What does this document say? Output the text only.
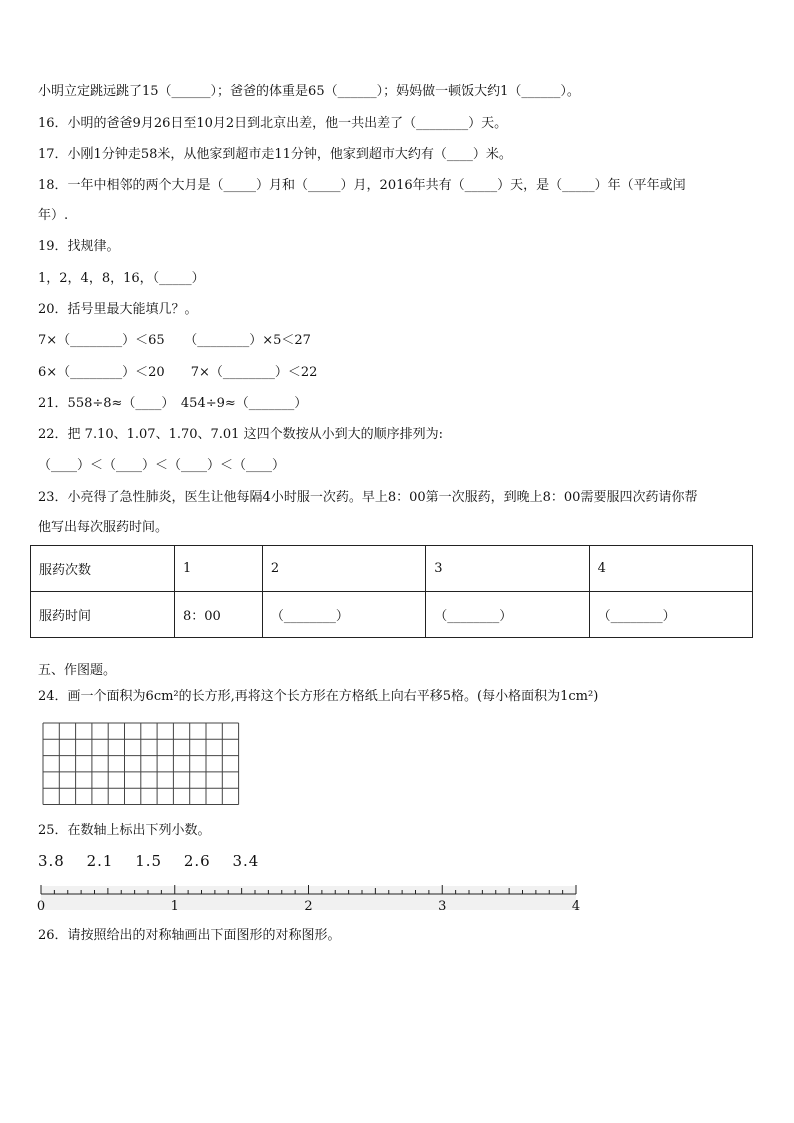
小明立定跳远跳了15（______）；爸爸的体重是65（______）；妈妈做一顿饭大约1（______）。
16．小明的爸爸9月26日至10月2日到北京出差，他一共出差了（________）天。
17．小刚1分钟走58米，从他家到超市走11分钟，他家到超市大约有（____）米。
18．一年中相邻的两个大月是（_____）月和（_____）月，2016年共有（_____）天，是（_____）年（平年或闰
年）.
19．找规律。
1，2，4，8，16，（_____）
20．括号里最大能填几？。
7×（________）＜65　　（________）×5＜27
6×（________）＜20　　7×（________）＜22
21．558÷8≈（____）　454÷9≈（_______）
22．把 7.10、1.07、1.70、7.01 这四个数按从小到大的顺序排列为:
（____）＜（____）＜（____）＜（____）
23．小亮得了急性肺炎，医生让他每隔4小时服一次药。早上8：00第一次服药，到晚上8：00需要服四次药请你帮
他写出每次服药时间。
服药次数	1	2	3	4
服药时间	8：00	（________）	（________）	（________）
五、作图题。
24．画一个面积为6cm²的长方形,再将这个长方形在方格纸上向右平移5格。(每小格面积为1cm²)
25．在数轴上标出下列小数。
3.8　 2.1　 1.5　 2.6　 3.4
0	1	2	3	4
26．请按照给出的对称轴画出下面图形的对称图形。
